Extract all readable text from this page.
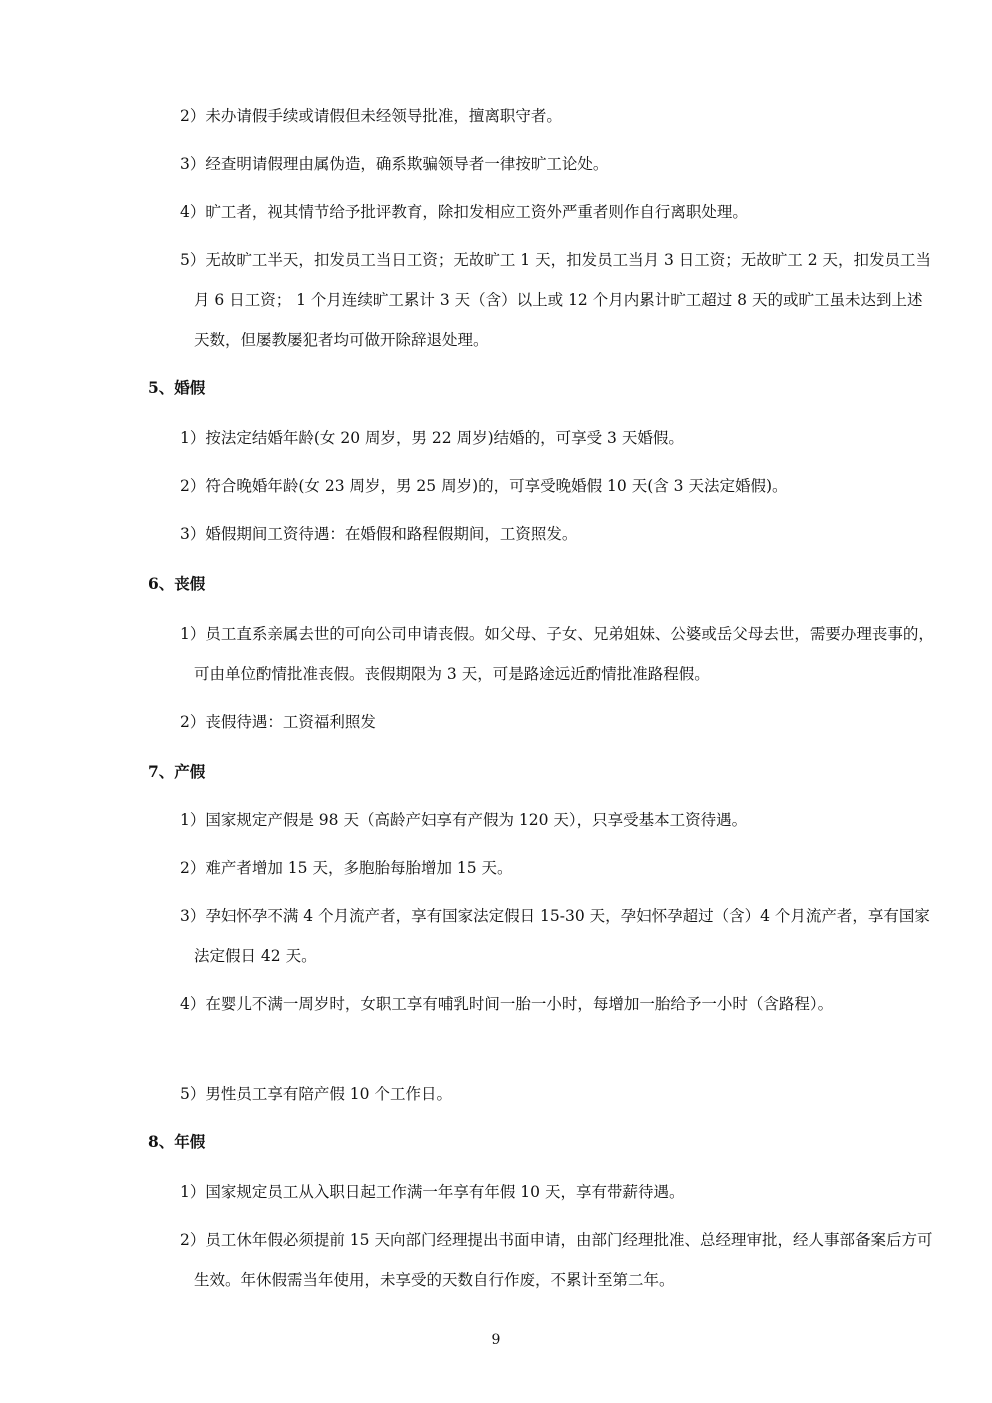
2）未办请假手续或请假但未经领导批准，擅离职守者。

3）经查明请假理由属伪造，确系欺骗领导者一律按旷工论处。

4）旷工者，视其情节给予批评教育，除扣发相应工资外严重者则作自行离职处理。

5）无故旷工半天，扣发员工当日工资；无故旷工 1 天，扣发员工当月 3 日工资；无故旷工 2 天，扣发员工当月 6 日工资； 1 个月连续旷工累计 3 天（含）以上或 12 个月内累计旷工超过 8 天的或旷工虽未达到上述天数，但屡教屡犯者均可做开除辞退处理。

5、婚假

1）按法定结婚年龄(女 20 周岁，男 22 周岁)结婚的，可享受 3 天婚假。

2）符合晚婚年龄(女 23 周岁，男 25 周岁)的，可享受晚婚假 10 天(含 3 天法定婚假)。

3）婚假期间工资待遇：在婚假和路程假期间，工资照发。

6、丧假

1）员工直系亲属去世的可向公司申请丧假。如父母、子女、兄弟姐妹、公婆或岳父母去世，需要办理丧事的，可由单位酌情批准丧假。丧假期限为 3 天，可是路途远近酌情批准路程假。

2）丧假待遇：工资福利照发

7、产假

1）国家规定产假是 98 天（高龄产妇享有产假为 120 天），只享受基本工资待遇。

2）难产者增加 15 天，多胞胎每胎增加 15 天。

3）孕妇怀孕不满 4 个月流产者，享有国家法定假日 15-30 天，孕妇怀孕超过（含）4 个月流产者，享有国家法定假日 42 天。

4）在婴儿不满一周岁时，女职工享有哺乳时间一胎一小时，每增加一胎给予一小时（含路程）。

5）男性员工享有陪产假 10 个工作日。

8、年假

1）国家规定员工从入职日起工作满一年享有年假 10 天，享有带薪待遇。

2）员工休年假必须提前 15 天向部门经理提出书面申请，由部门经理批准、总经理审批，经人事部备案后方可生效。年休假需当年使用，未享受的天数自行作废，不累计至第二年。

9
